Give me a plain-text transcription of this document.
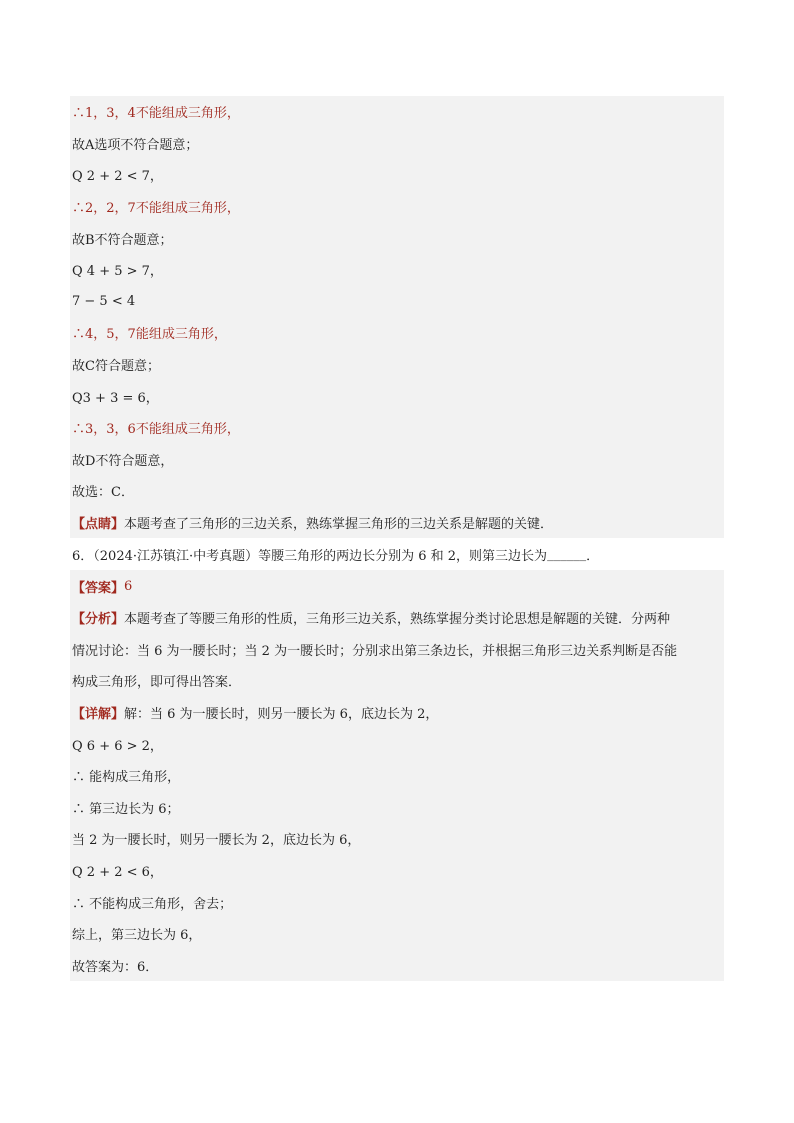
∴1，3，4不能组成三角形，
故A选项不符合题意；
Q 2 + 2 < 7，
∴2，2，7不能组成三角形，
故B不符合题意；
Q 4 + 5 > 7，
7 − 5 < 4
∴4，5，7能组成三角形，
故C符合题意；
Q3 + 3 = 6，
∴3，3，6不能组成三角形，
故D不符合题意，
故选：C．
【点睛】 本题考查了三角形的三边关系，熟练掌握三角形的三边关系是解题的关键．
6．（2024·江苏镇江·中考真题）等腰三角形的两边长分别为 6 和 2，则第三边长为 ______ ．
【答案】 6
【分析】 本题考查了等腰三角形的性质，三角形三边关系，熟练掌握分类讨论思想是解题的关键．分两种
情况讨论：当 6 为一腰长时；当 2 为一腰长时；分别求出第三条边长，并根据三角形三边关系判断是否能
构成三角形，即可得出答案．
【详解】 解：当 6 为一腰长时，则另一腰长为 6，底边长为 2，
Q 6 + 6 > 2，
∴ 能构成三角形，
∴ 第三边长为 6；
当 2 为一腰长时，则另一腰长为 2，底边长为 6，
Q 2 + 2 < 6，
∴ 不能构成三角形，舍去；
综上，第三边长为 6，
故答案为：6．
